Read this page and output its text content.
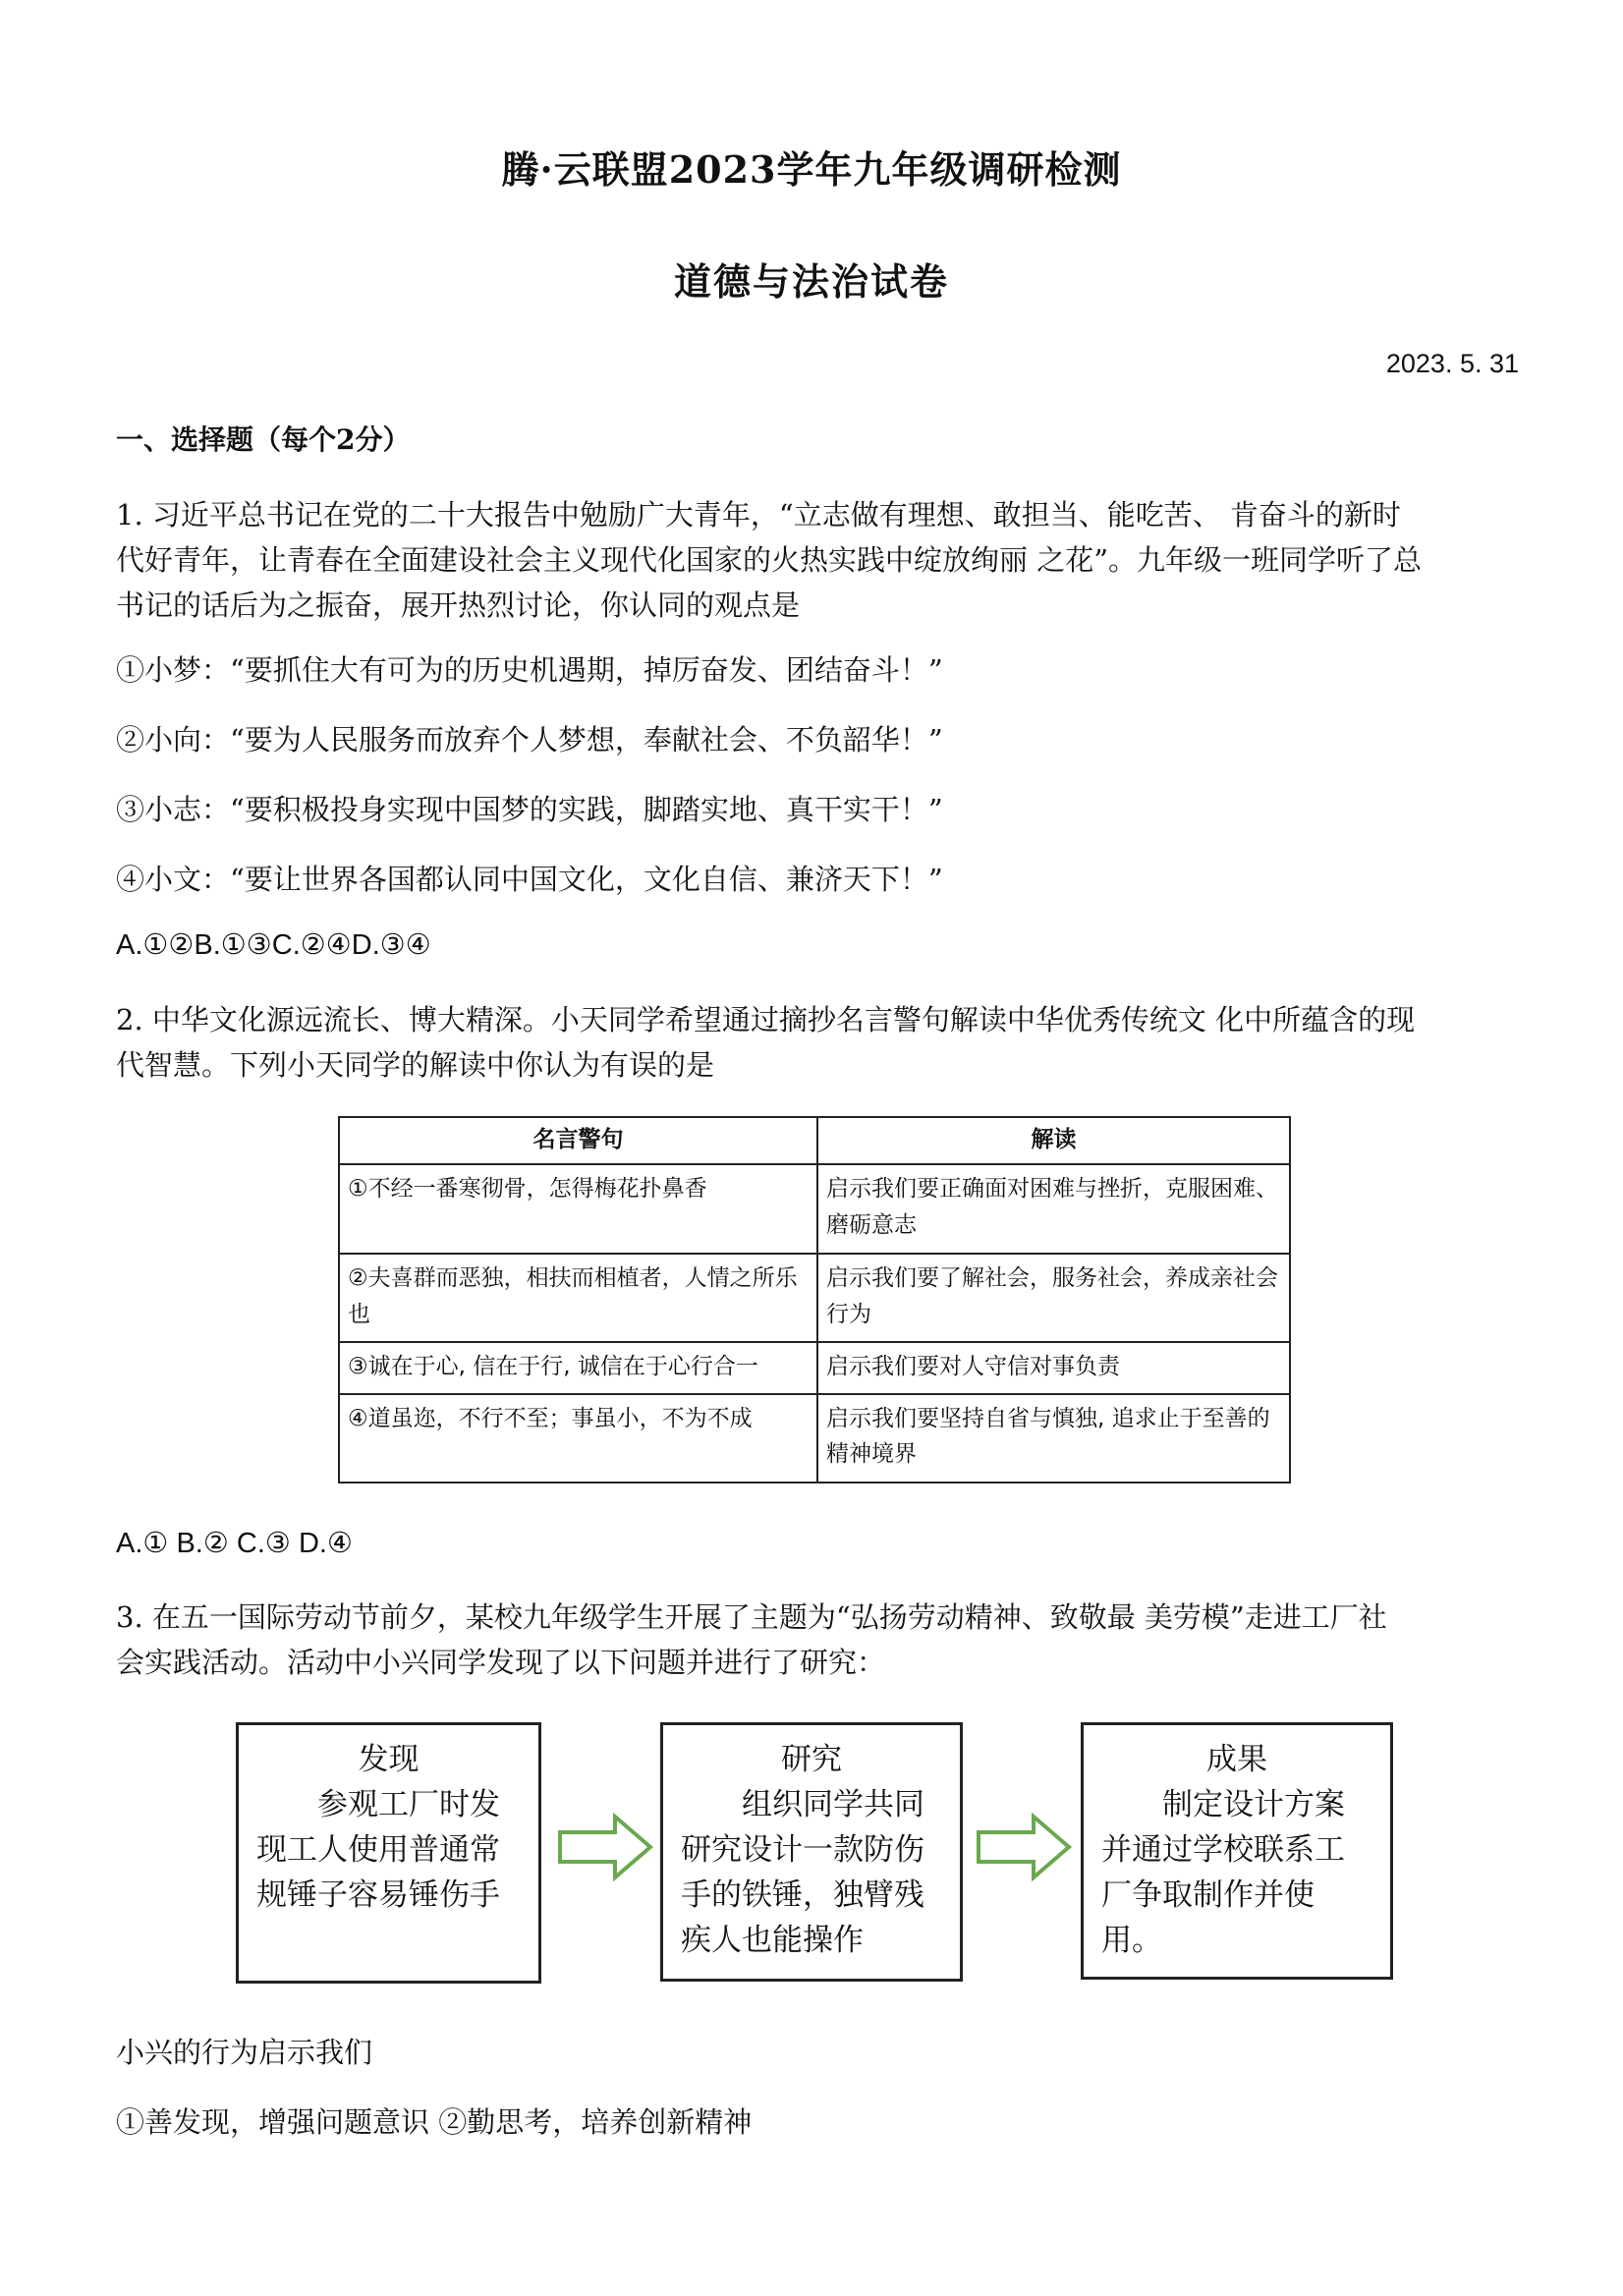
腾·云联盟2023学年九年级调研检测
道德与法治试卷
2023. 5. 31
一、选择题（每个2分）
1. 习近平总书记在党的二十大报告中勉励广大青年，“立志做有理想、敢担当、能吃苦、 肯奋斗的新时
代好青年，让青春在全面建设社会主义现代化国家的火热实践中绽放绚丽 之花”。九年级一班同学听了总
书记的话后为之振奋，展开热烈讨论，你认同的观点是
①小梦：“要抓住大有可为的历史机遇期，掉厉奋发、团结奋斗！”
②小向：“要为人民服务而放弃个人梦想，奉献社会、不负韶华！”
③小志：“要积极投身实现中国梦的实践，脚踏实地、真干实干！”
④小文：“要让世界各国都认同中国文化，文化自信、兼济天下！”
A.①②B.①③C.②④D.③④
2. 中华文化源远流长、博大精深。小天同学希望通过摘抄名言警句解读中华优秀传统文 化中所蕴含的现
代智慧。下列小天同学的解读中你认为有误的是
名言警句	解读
①不经一番寒彻骨，怎得梅花扑鼻香	启示我们要正确面对困难与挫折，克服困难、磨砺意志
②夫喜群而恶独，相扶而相植者，人情之所乐也	启示我们要了解社会，服务社会，养成亲社会行为
③诚在于心, 信在于行, 诚信在于心行合一	启示我们要对人守信对事负责
④道虽迩，不行不至；事虽小，不为不成	启示我们要坚持自省与慎独, 追求止于至善的精神境界
A.① B.② C.③ D.④
3. 在五一国际劳动节前夕，某校九年级学生开展了主题为“弘扬劳动精神、致敬最 美劳模”走进工厂社
会实践活动。活动中小兴同学发现了以下问题并进行了研究：
发现
参观工厂时发现工人使用普通常规锤子容易锤伤手
研究
组织同学共同研究设计一款防伤手的铁锤，独臂残疾人也能操作
成果
制定设计方案并通过学校联系工厂争取制作并使用。
小兴的行为启示我们
①善发现，增强问题意识 ②勤思考，培养创新精神
